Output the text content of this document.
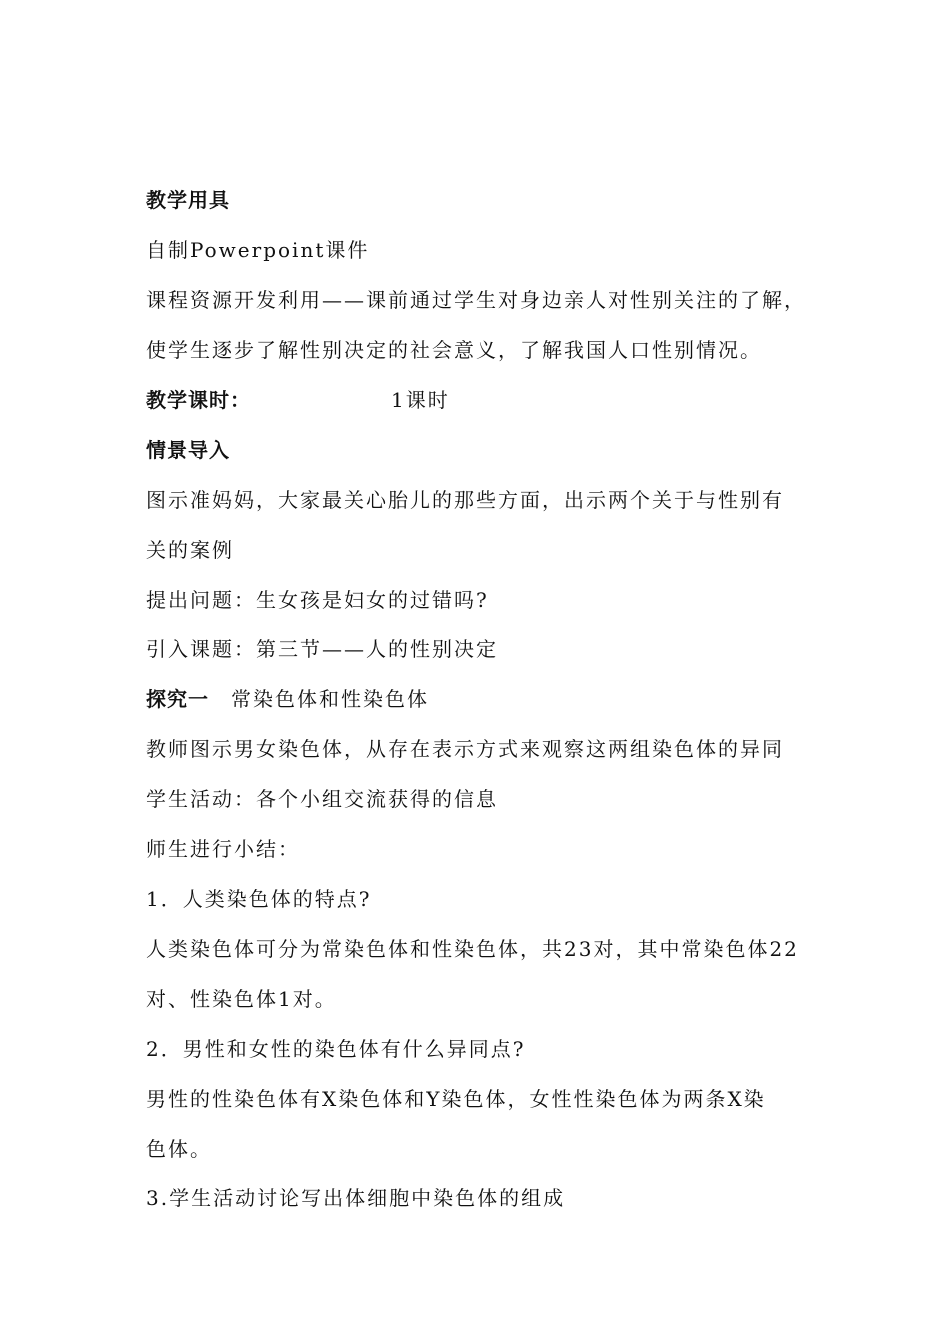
教学用具

自制Powerpoint课件

课程资源开发利用——课前通过学生对身边亲人对性别关注的了解，

使学生逐步了解性别决定的社会意义，了解我国人口性别情况。

教学课时：	1课时

情景导入

图示准妈妈，大家最关心胎儿的那些方面，出示两个关于与性别有

关的案例

提出问题：生女孩是妇女的过错吗?

引入课题：第三节——人的性别决定

探究一 常染色体和性染色体

教师图示男女染色体，从存在表示方式来观察这两组染色体的异同

学生活动：各个小组交流获得的信息

师生进行小结：

1．人类染色体的特点?

人类染色体可分为常染色体和性染色体，共23对，其中常染色体22

对、性染色体1对。

2．男性和女性的染色体有什么异同点?

男性的性染色体有X染色体和Y染色体，女性性染色体为两条X染

色体。

3.学生活动讨论写出体细胞中染色体的组成
